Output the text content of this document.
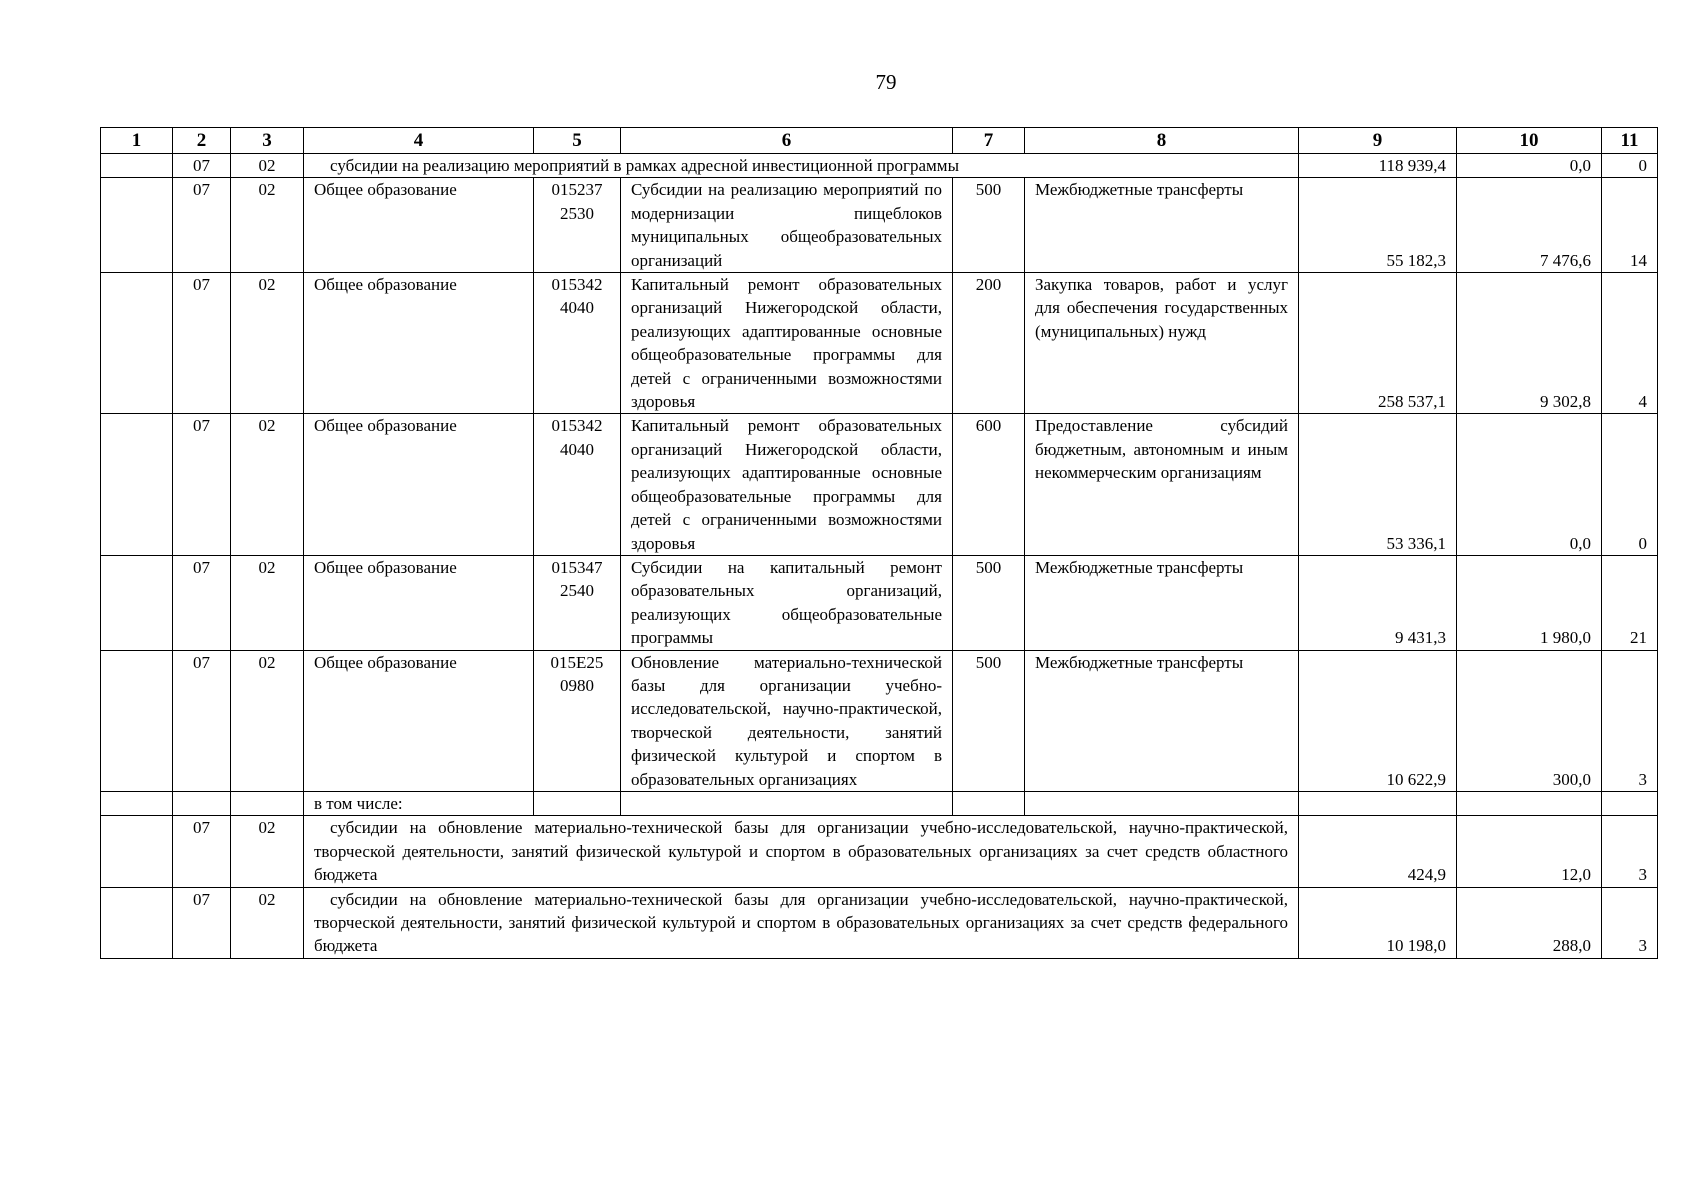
79
1	2	3	4	5	6	7	8	9	10	11
	07	02	субсидии на реализацию мероприятий в рамках адресной инвестиционной программы					118 939,4	0,0	0
	07	02	Общее образование	015237 2530	Субсидии на реализацию мероприятий по модернизации пищеблоков муниципальных общеобразовательных организаций	500	Межбюджетные трансферты	55 182,3	7 476,6	14
	07	02	Общее образование	015342 4040	Капитальный ремонт образовательных организаций Нижегородской области, реализующих адаптированные основные общеобразовательные программы для детей с ограниченными возможностями здоровья	200	Закупка товаров, работ и услуг для обеспечения государственных (муниципальных) нужд	258 537,1	9 302,8	4
	07	02	Общее образование	015342 4040	Капитальный ремонт образовательных организаций Нижегородской области, реализующих адаптированные основные общеобразовательные программы для детей с ограниченными возможностями здоровья	600	Предоставление субсидий бюджетным, автономным и иным некоммерческим организациям	53 336,1	0,0	0
	07	02	Общее образование	015347 2540	Субсидии на капитальный ремонт образовательных организаций, реализующих общеобразовательные программы	500	Межбюджетные трансферты	9 431,3	1 980,0	21
	07	02	Общее образование	015E25 0980	Обновление материально-технической базы для организации учебно-исследовательской, научно-практической, творческой деятельности, занятий физической культурой и спортом в образовательных организациях	500	Межбюджетные трансферты	10 622,9	300,0	3
			в том числе:							
	07	02	субсидии на обновление материально-технической базы для организации учебно-исследовательской, научно-практической, творческой деятельности, занятий физической культурой и спортом в образовательных организациях за счет средств областного бюджета					424,9	12,0	3
	07	02	субсидии на обновление материально-технической базы для организации учебно-исследовательской, научно-практической, творческой деятельности, занятий физической культурой и спортом в образовательных организациях за счет средств федерального бюджета					10 198,0	288,0	3
